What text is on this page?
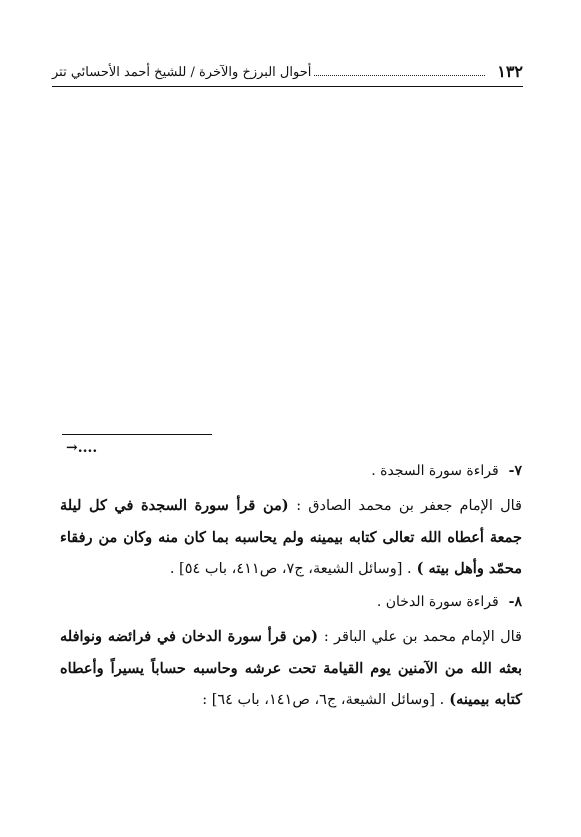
١٣٢
أحوال البرزخ والآخرة / للشيخ أحمد الأحسائي تتر
→....
٧-قراءة سورة السجدة .
قال الإمام جعفر بن محمد الصادق : (من قرأ سورة السجدة في كل ليلة جمعة أعطاه الله تعالى كتابه بيمينه ولم يحاسبه بما كان منه وكان من رفقاء محمّد وأهل بيته ) . [وسائل الشيعة، ج٧، ص٤١١، باب ٥٤] .
٨-قراءة سورة الدخان .
قال الإمام محمد بن علي الباقر : (من قرأ سورة الدخان في فرائضه ونوافله بعثه الله من الآمنين يوم القيامة تحت عرشه وحاسبه حساباً يسيراً وأعطاه كتابه بيمينه) . [وسائل الشيعة، ج٦، ص١٤١، باب ٦٤] :
